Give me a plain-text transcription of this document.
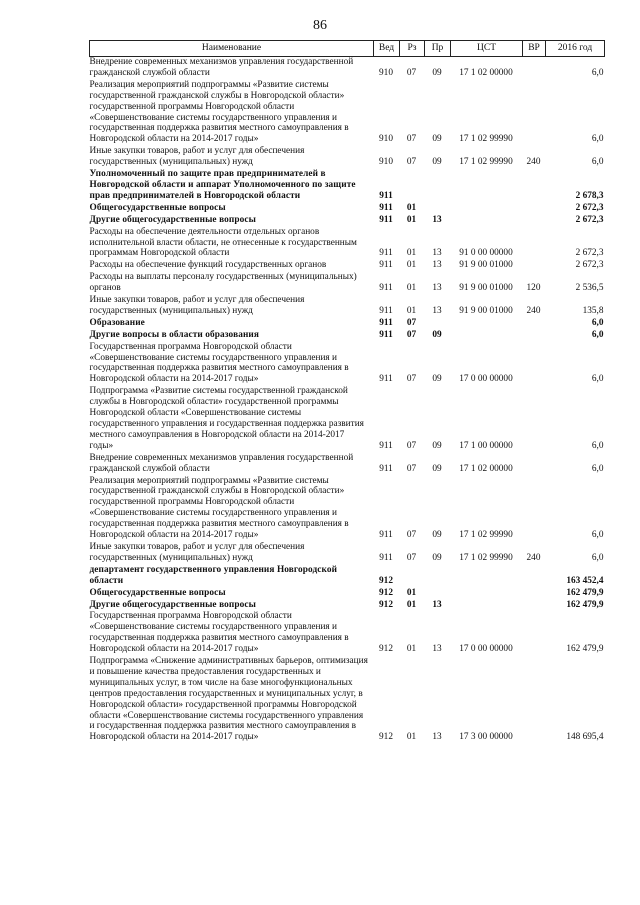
86
Наименование	Вед	Рз	Пр	ЦСТ	ВР	2016 год
Внедрение современных механизмов управления государственной гражданской службой области	910	07	09	17 1 02 00000		6,0
Реализация мероприятий подпрограммы «Развитие системы государственной гражданской службы в Новгородской области» государственной программы Новгородской области «Совершенствование системы государственного управления и государственная поддержка развития местного самоуправления в Новгородской области на 2014-2017 годы»	910	07	09	17 1 02 99990		6,0
Иные закупки товаров, работ и услуг для обеспечения государственных (муниципальных) нужд	910	07	09	17 1 02 99990	240	6,0
Уполномоченный по защите прав предпринимателей в Новгородской области и аппарат Уполномоченного по защите прав предпринимателей в Новгородской области	911					2 678,3
Общегосударственные вопросы	911	01				2 672,3
Другие общегосударственные вопросы	911	01	13			2 672,3
Расходы на обеспечение деятельности отдельных органов исполнительной власти области, не отнесенные к государственным программам Новгородской области	911	01	13	91 0 00 00000		2 672,3
Расходы на обеспечение функций государственных органов	911	01	13	91 9 00 01000		2 672,3
Расходы на выплаты персоналу государственных (муниципальных) органов	911	01	13	91 9 00 01000	120	2 536,5
Иные закупки товаров, работ и услуг для обеспечения государственных (муниципальных) нужд	911	01	13	91 9 00 01000	240	135,8
Образование	911	07				6,0
Другие вопросы в области образования	911	07	09			6,0
Государственная программа Новгородской области «Совершенствование системы государственного управления и государственная поддержка развития местного самоуправления в Новгородской области на 2014-2017 годы»	911	07	09	17 0 00 00000		6,0
Подпрограмма «Развитие системы государственной гражданской службы в Новгородской области» государственной программы Новгородской области «Совершенствование системы государственного управления и государственная поддержка развития местного самоуправления в Новгородской области на 2014-2017 годы»	911	07	09	17 1 00 00000		6,0
Внедрение современных механизмов управления государственной гражданской службой области	911	07	09	17 1 02 00000		6,0
Реализация мероприятий подпрограммы «Развитие системы государственной гражданской службы в Новгородской области» государственной программы Новгородской области «Совершенствование системы государственного управления и государственная поддержка развития местного самоуправления в Новгородской области на 2014-2017 годы»	911	07	09	17 1 02 99990		6,0
Иные закупки товаров, работ и услуг для обеспечения государственных (муниципальных) нужд	911	07	09	17 1 02 99990	240	6,0
департамент государственного управления Новгородской области	912					163 452,4
Общегосударственные вопросы	912	01				162 479,9
Другие общегосударственные вопросы	912	01	13			162 479,9
Государственная программа Новгородской области «Совершенствование системы государственного управления и государственная поддержка развития местного самоуправления в Новгородской области на 2014-2017 годы»	912	01	13	17 0 00 00000		162 479,9
Подпрограмма «Снижение административных барьеров, оптимизация и повышение качества предоставления государственных и муниципальных услуг, в том числе на базе многофункциональных центров предоставления государственных и муниципальных услуг, в Новгородской области» государственной программы Новгородской области «Совершенствование системы государственного управления и государственная поддержка развития местного самоуправления в Новгородской области на 2014-2017 годы»	912	01	13	17 3 00 00000		148 695,4
